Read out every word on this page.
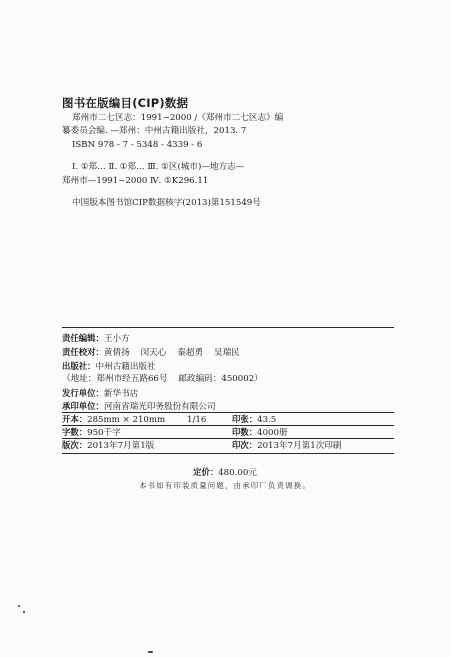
图书在版编目(CIP)数据
郑州市二七区志：1991~2000 /《郑州市二七区志》编
纂委员会编. —郑州：中州古籍出版社，2013. 7
ISBN 978 - 7 - 5348 - 4339 - 6
Ⅰ. ①郑… Ⅱ. ①郑… Ⅲ. ①区(城市)—地方志—
郑州市—1991~2000 Ⅳ. ①K296.11
中国版本图书馆CIP数据核字(2013)第151549号
责任编辑：王小方
责任校对：黄倩扬    闵天心    秦超勇    吴瑞民
出版社：中州古籍出版社
（地址：郑州市经五路66号    邮政编码：450002）
发行单位：新华书店
承印单位：河南省瑞光印务股份有限公司
开本：285mm × 210mm        1/16	印张：43.5
字数：950千字	印数：4000册
版次：2013年7月第1版	印次：2013年7月第1次印刷
定价：480.00元
本书如有印装质量问题，由承印厂负责调换。
